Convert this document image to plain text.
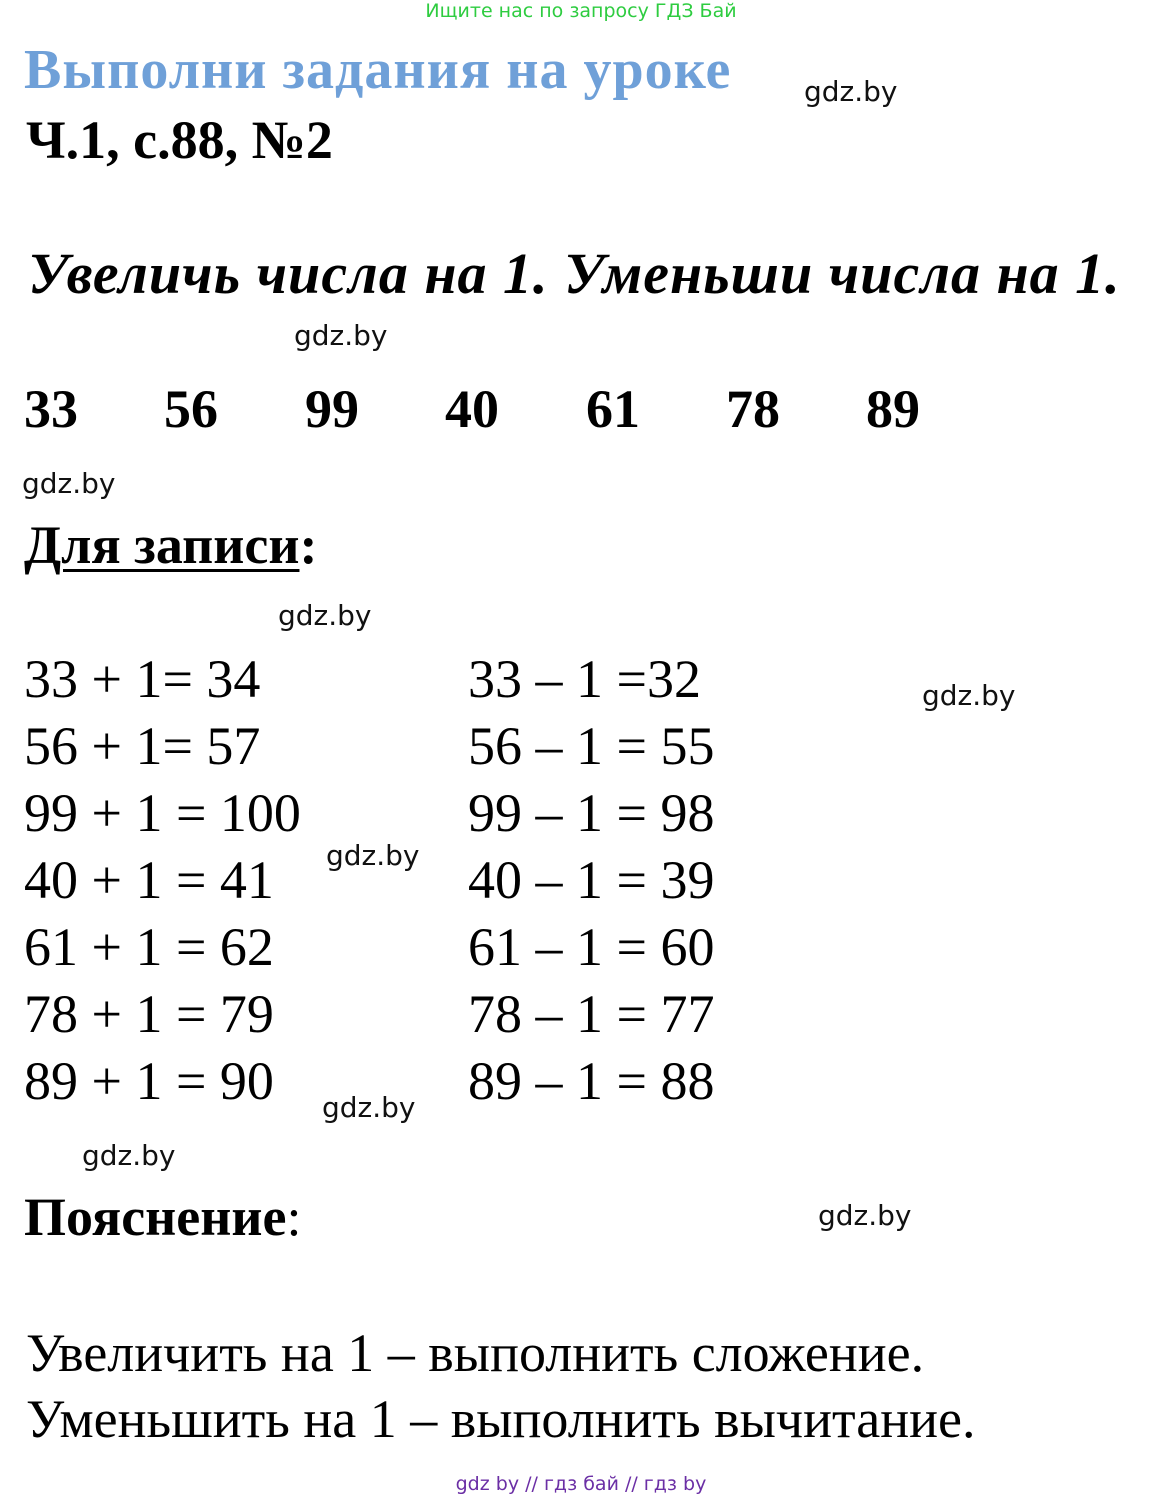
Ищите нас по запросу ГДЗ Бай
Выполни задания на уроке	gdz.by
Ч.1, с.88, №2
Увеличь числа на 1. Уменьши числа на 1.
gdz.by
33 56 99 40 61 78 89
gdz.by
Для записи:
gdz.by
33 + 1= 34
56 + 1= 57
99 + 1 = 100
40 + 1 = 41
61 + 1 = 62
78 + 1 = 79
89 + 1 = 90
33 – 1 =32
56 – 1 = 55
99 – 1 = 98
40 – 1 = 39
61 – 1 = 60
78 – 1 = 77
89 – 1 = 88
gdz.by
gdz.by
gdz.by
gdz.by
Пояснение:	gdz.by
Увеличить на 1 – выполнить сложение.
Уменьшить на 1 – выполнить вычитание.
gdz by // гдз бай // гдз by
